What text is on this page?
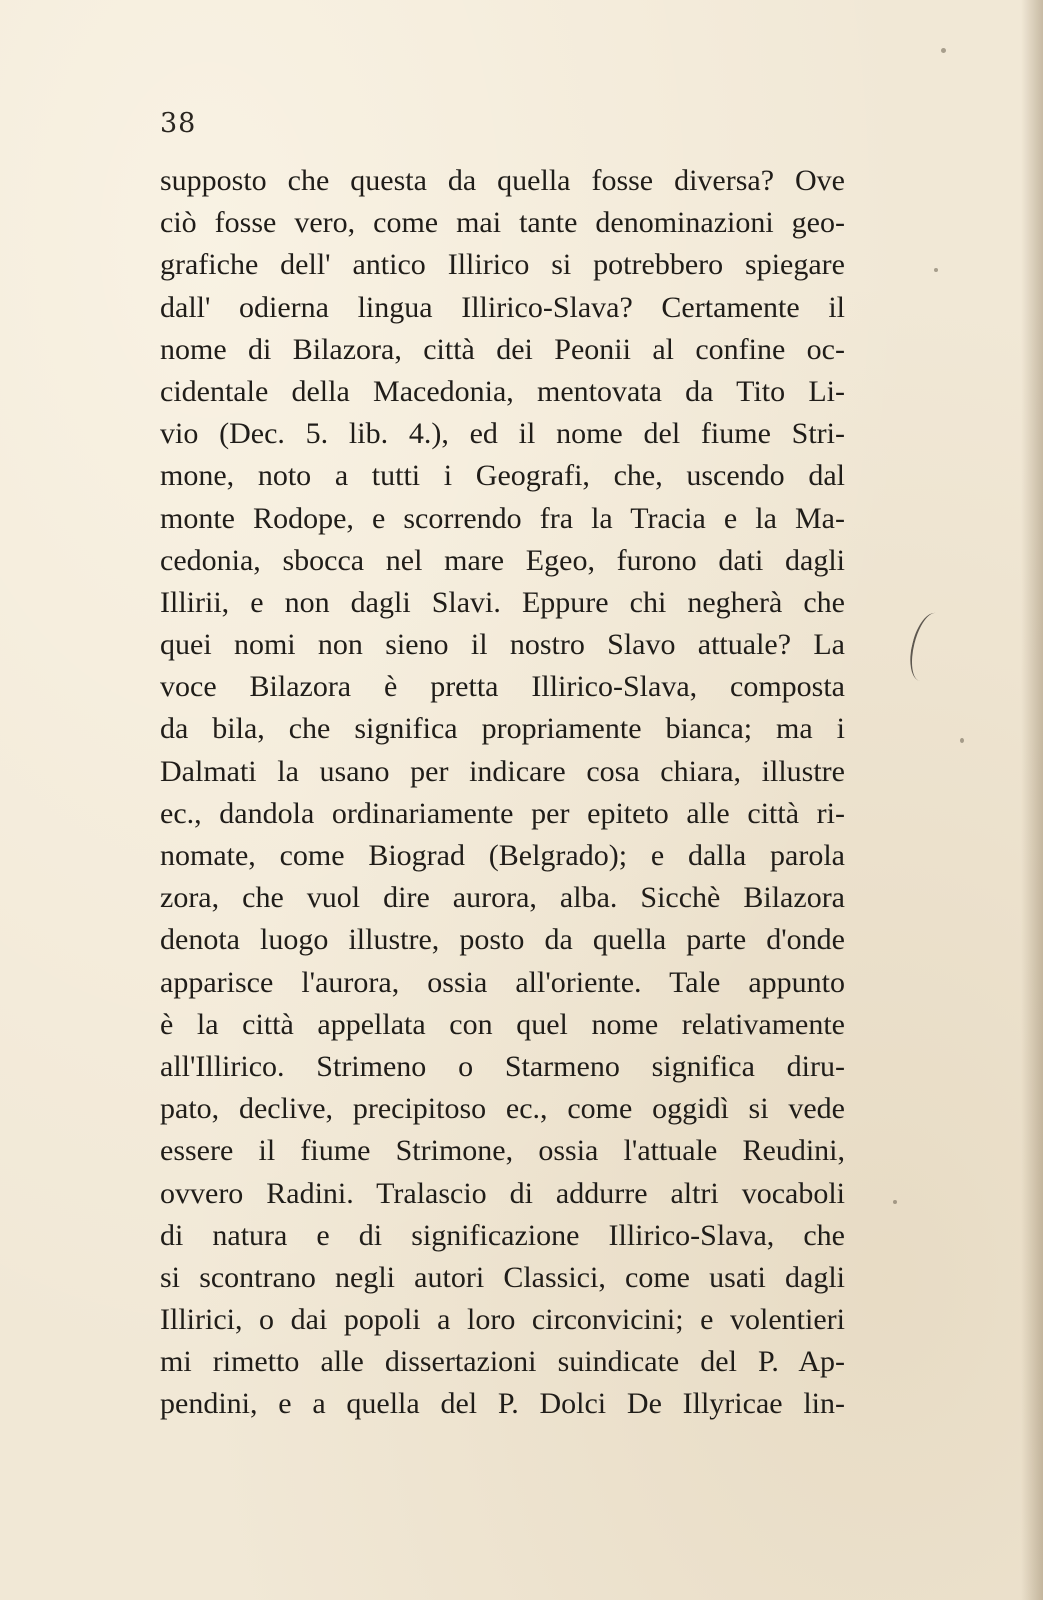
38
supposto che questa da quella fosse diversa? Ove
ciò fosse vero, come mai tante denominazioni geo-
grafiche dell' antico Illirico si potrebbero spiegare
dall' odierna lingua Illirico-Slava? Certamente il
nome di Bilazora, città dei Peonii al confine oc-
cidentale della Macedonia, mentovata da Tito Li-
vio (Dec. 5. lib. 4.), ed il nome del fiume Stri-
mone, noto a tutti i Geografi, che, uscendo dal
monte Rodope, e scorrendo fra la Tracia e la Ma-
cedonia, sbocca nel mare Egeo, furono dati dagli
Illirii, e non dagli Slavi. Eppure chi negherà che
quei nomi non sieno il nostro Slavo attuale? La
voce Bilazora è pretta Illirico-Slava, composta
da bila, che significa propriamente bianca; ma i
Dalmati la usano per indicare cosa chiara, illustre
ec., dandola ordinariamente per epiteto alle città ri-
nomate, come Biograd (Belgrado); e dalla parola
zora, che vuol dire aurora, alba. Sicchè Bilazora
denota luogo illustre, posto da quella parte d'onde
apparisce l'aurora, ossia all'oriente. Tale appunto
è la città appellata con quel nome relativamente
all'Illirico. Strimeno o Starmeno significa diru-
pato, declive, precipitoso ec., come oggidì si vede
essere il fiume Strimone, ossia l'attuale Reudini,
ovvero Radini. Tralascio di addurre altri vocaboli
di natura e di significazione Illirico-Slava, che
si scontrano negli autori Classici, come usati dagli
Illirici, o dai popoli a loro circonvicini; e volentieri
mi rimetto alle dissertazioni suindicate del P. Ap-
pendini, e a quella del P. Dolci De Illyricae lin-
